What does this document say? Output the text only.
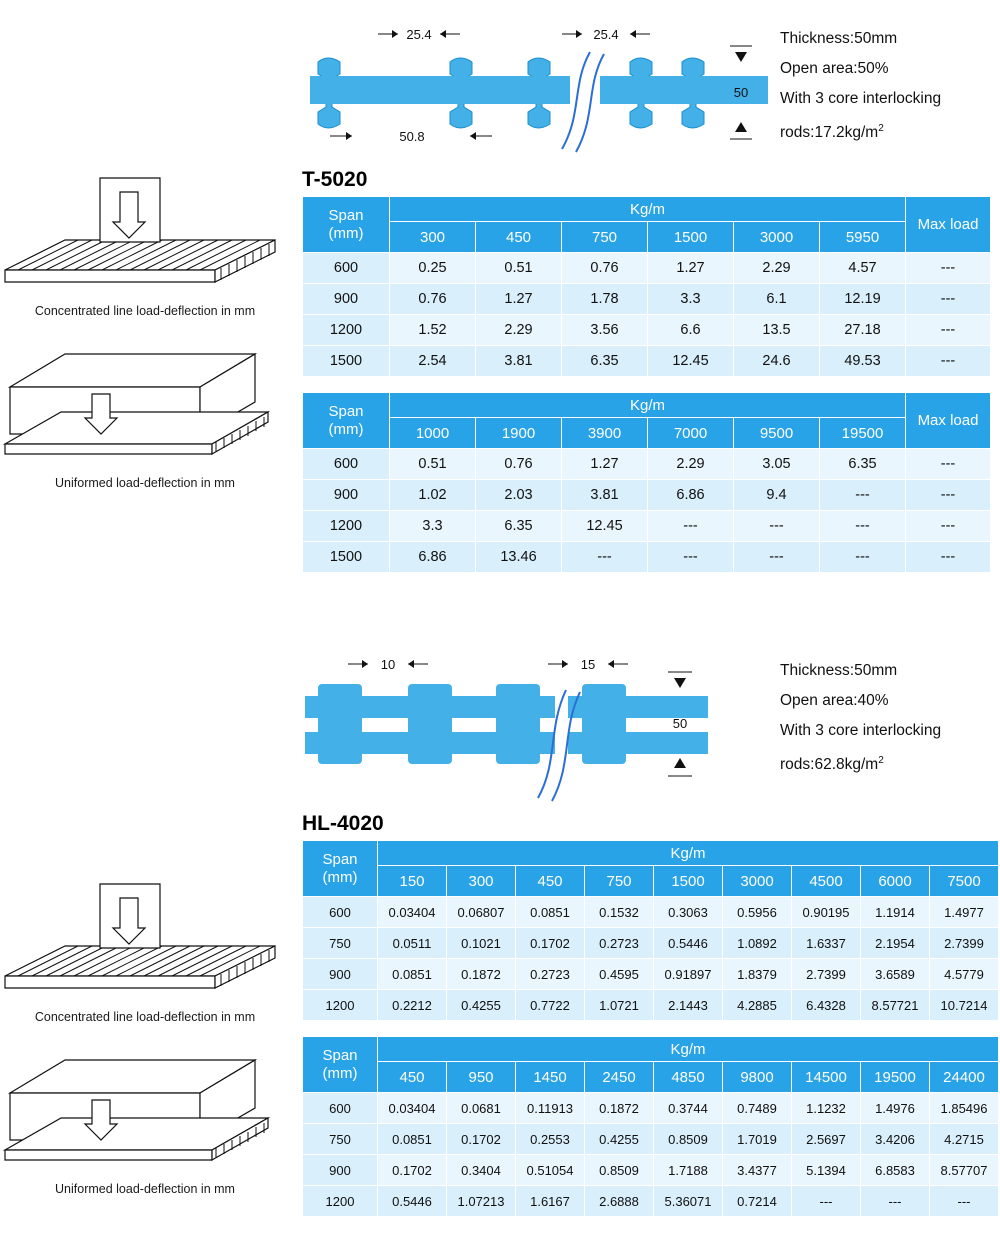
Concentrated line load-deflection in mm
Uniformed load-deflection in mm
25.4	25.4
50.8
50
Thickness:50mm
Open area:50%
With 3 core interlocking
$rods:17.2kg/m^2$
T-5020
Span
(mm)	Kg/m						Max load
	300	450	750	1500	3000	5950	
600	0.25	0.51	0.76	1.27	2.29	4.57	---
900	0.76	1.27	1.78	3.3	6.1	12.19	---
1200	1.52	2.29	3.56	6.6	13.5	27.18	---
1500	2.54	3.81	6.35	12.45	24.6	49.53	---
Span
(mm)	Kg/m						Max load
	1000	1900	3900	7000	9500	19500	
600	0.51	0.76	1.27	2.29	3.05	6.35	---
900	1.02	2.03	3.81	6.86	9.4	---	---
1200	3.3	6.35	12.45	---	---	---	---
1500	6.86	13.46	---	---	---	---	---
Concentrated line load-deflection in mm
Uniformed load-deflection in mm
10	15
50
Thickness:50mm
Open area:40%
With 3 core interlocking
$rods:62.8kg/m^2$
HL-4020
Span
(mm)	Kg/m								
	150	300	450	750	1500	3000	4500	6000	7500
600	0.03404	0.06807	0.0851	0.1532	0.3063	0.5956	0.90195	1.1914	1.4977
750	0.0511	0.1021	0.1702	0.2723	0.5446	1.0892	1.6337	2.1954	2.7399
900	0.0851	0.1872	0.2723	0.4595	0.91897	1.8379	2.7399	3.6589	4.5779
1200	0.2212	0.4255	0.7722	1.0721	2.1443	4.2885	6.4328	8.57721	10.7214
Span
(mm)	Kg/m								
	450	950	1450	2450	4850	9800	14500	19500	24400
600	0.03404	0.0681	0.11913	0.1872	0.3744	0.7489	1.1232	1.4976	1.85496
750	0.0851	0.1702	0.2553	0.4255	0.8509	1.7019	2.5697	3.4206	4.2715
900	0.1702	0.3404	0.51054	0.8509	1.7188	3.4377	5.1394	6.8583	8.57707
1200	0.5446	1.07213	1.6167	2.6888	5.36071	0.7214	---	---	---
